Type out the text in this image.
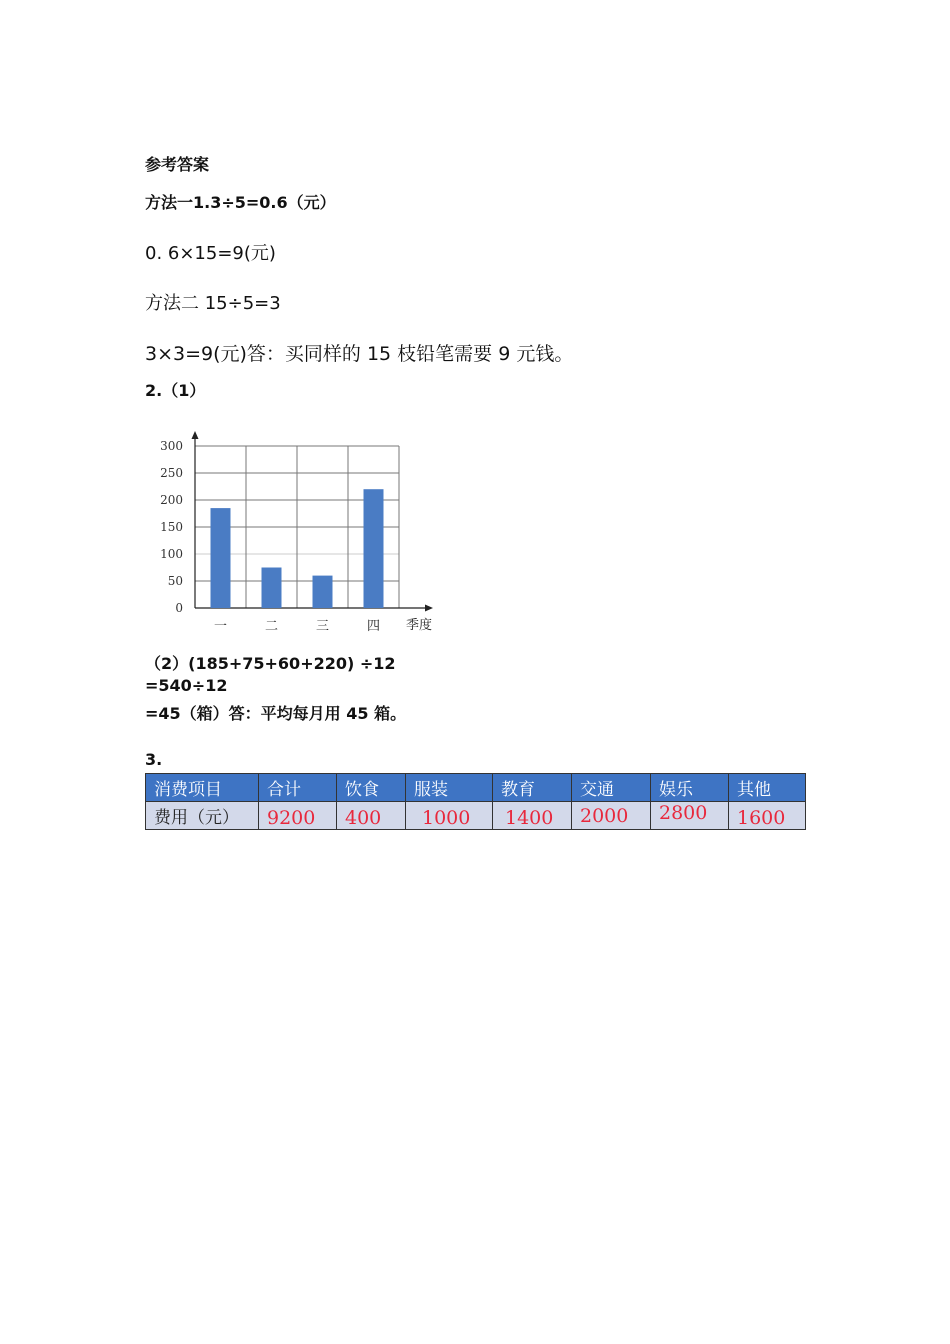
参考答案
方法一1.3÷5=0.6（元）
0. 6×15=9(元)
方法二 15÷5=3
3×3=9(元)答：买同样的 15 枝铅笔需要 9 元钱。
2.（1）
0
50
100
150
200
250
300
一	二	三	四 季度
（2）(185+75+60+220) ÷12
=540÷12
=45（箱）答：平均每月用 45 箱。
3.
消费项目	合计	饮食	服装	教育	交通	娱乐	其他
费用（元）	9200	400	1000	1400	2000	2800	1600
